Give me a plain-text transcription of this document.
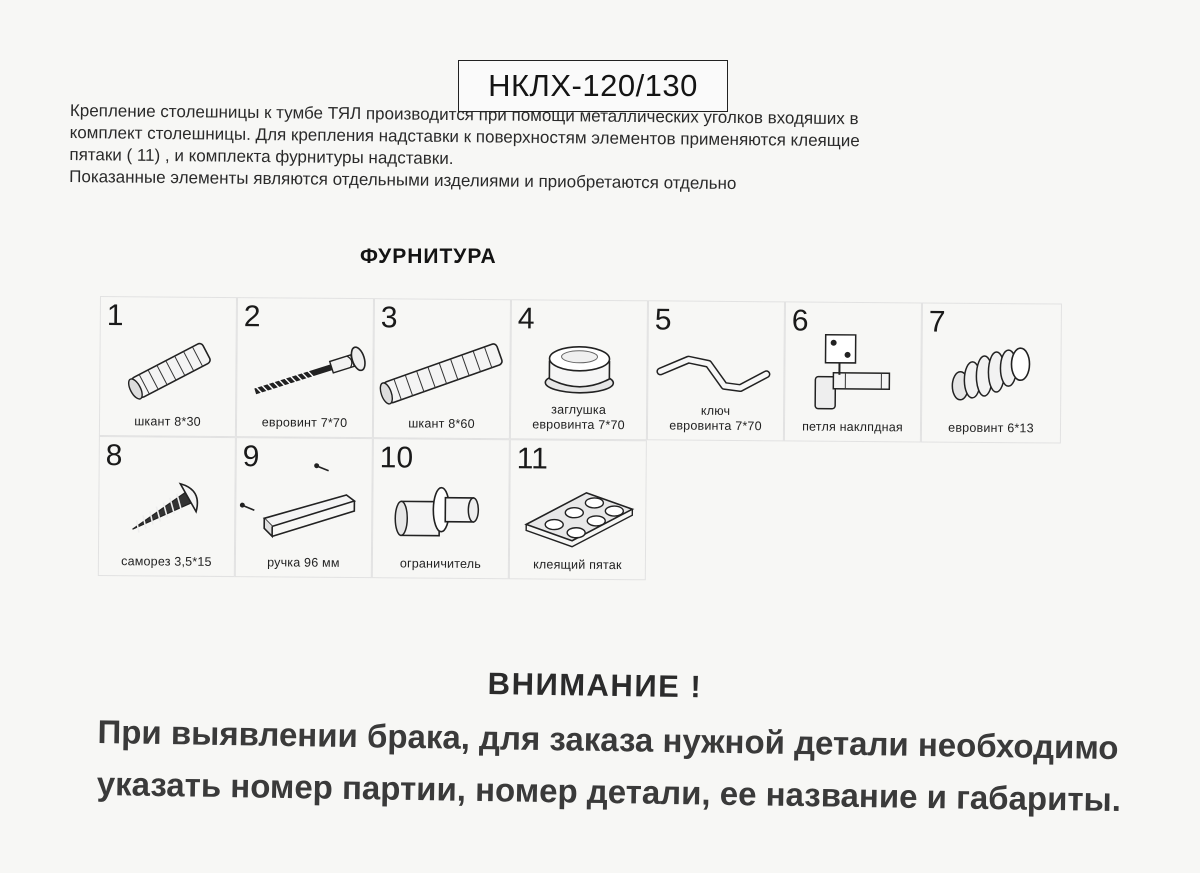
НКЛХ-120/130

Крепление столешницы к тумбе ТЯЛ производится при помощи металлических уголков входяших в

комплект столешницы. Для крепления надставки к поверхностям элементов применяются клеящие

пятаки ( 11) , и комплекта фурнитуры надставки.

Показанные элементы являются отдельными изделиями и приобретаются отдельно

ФУРНИТУРА
1
шкант 8*30
2
евровинт 7*70
3
шкант 8*60
4
заглушка
евровинта 7*70
5
ключ
евровинта 7*70
6
петля наклпдная
7
евровинт 6*13
8
саморез 3,5*15
9
ручка 96 мм
10
ограничитель
11
клеящий пятак
ВНИМАНИЕ !

При выявлении брака, для заказа нужной детали необходимо

указать номер партии, номер детали, ее название и габариты.
